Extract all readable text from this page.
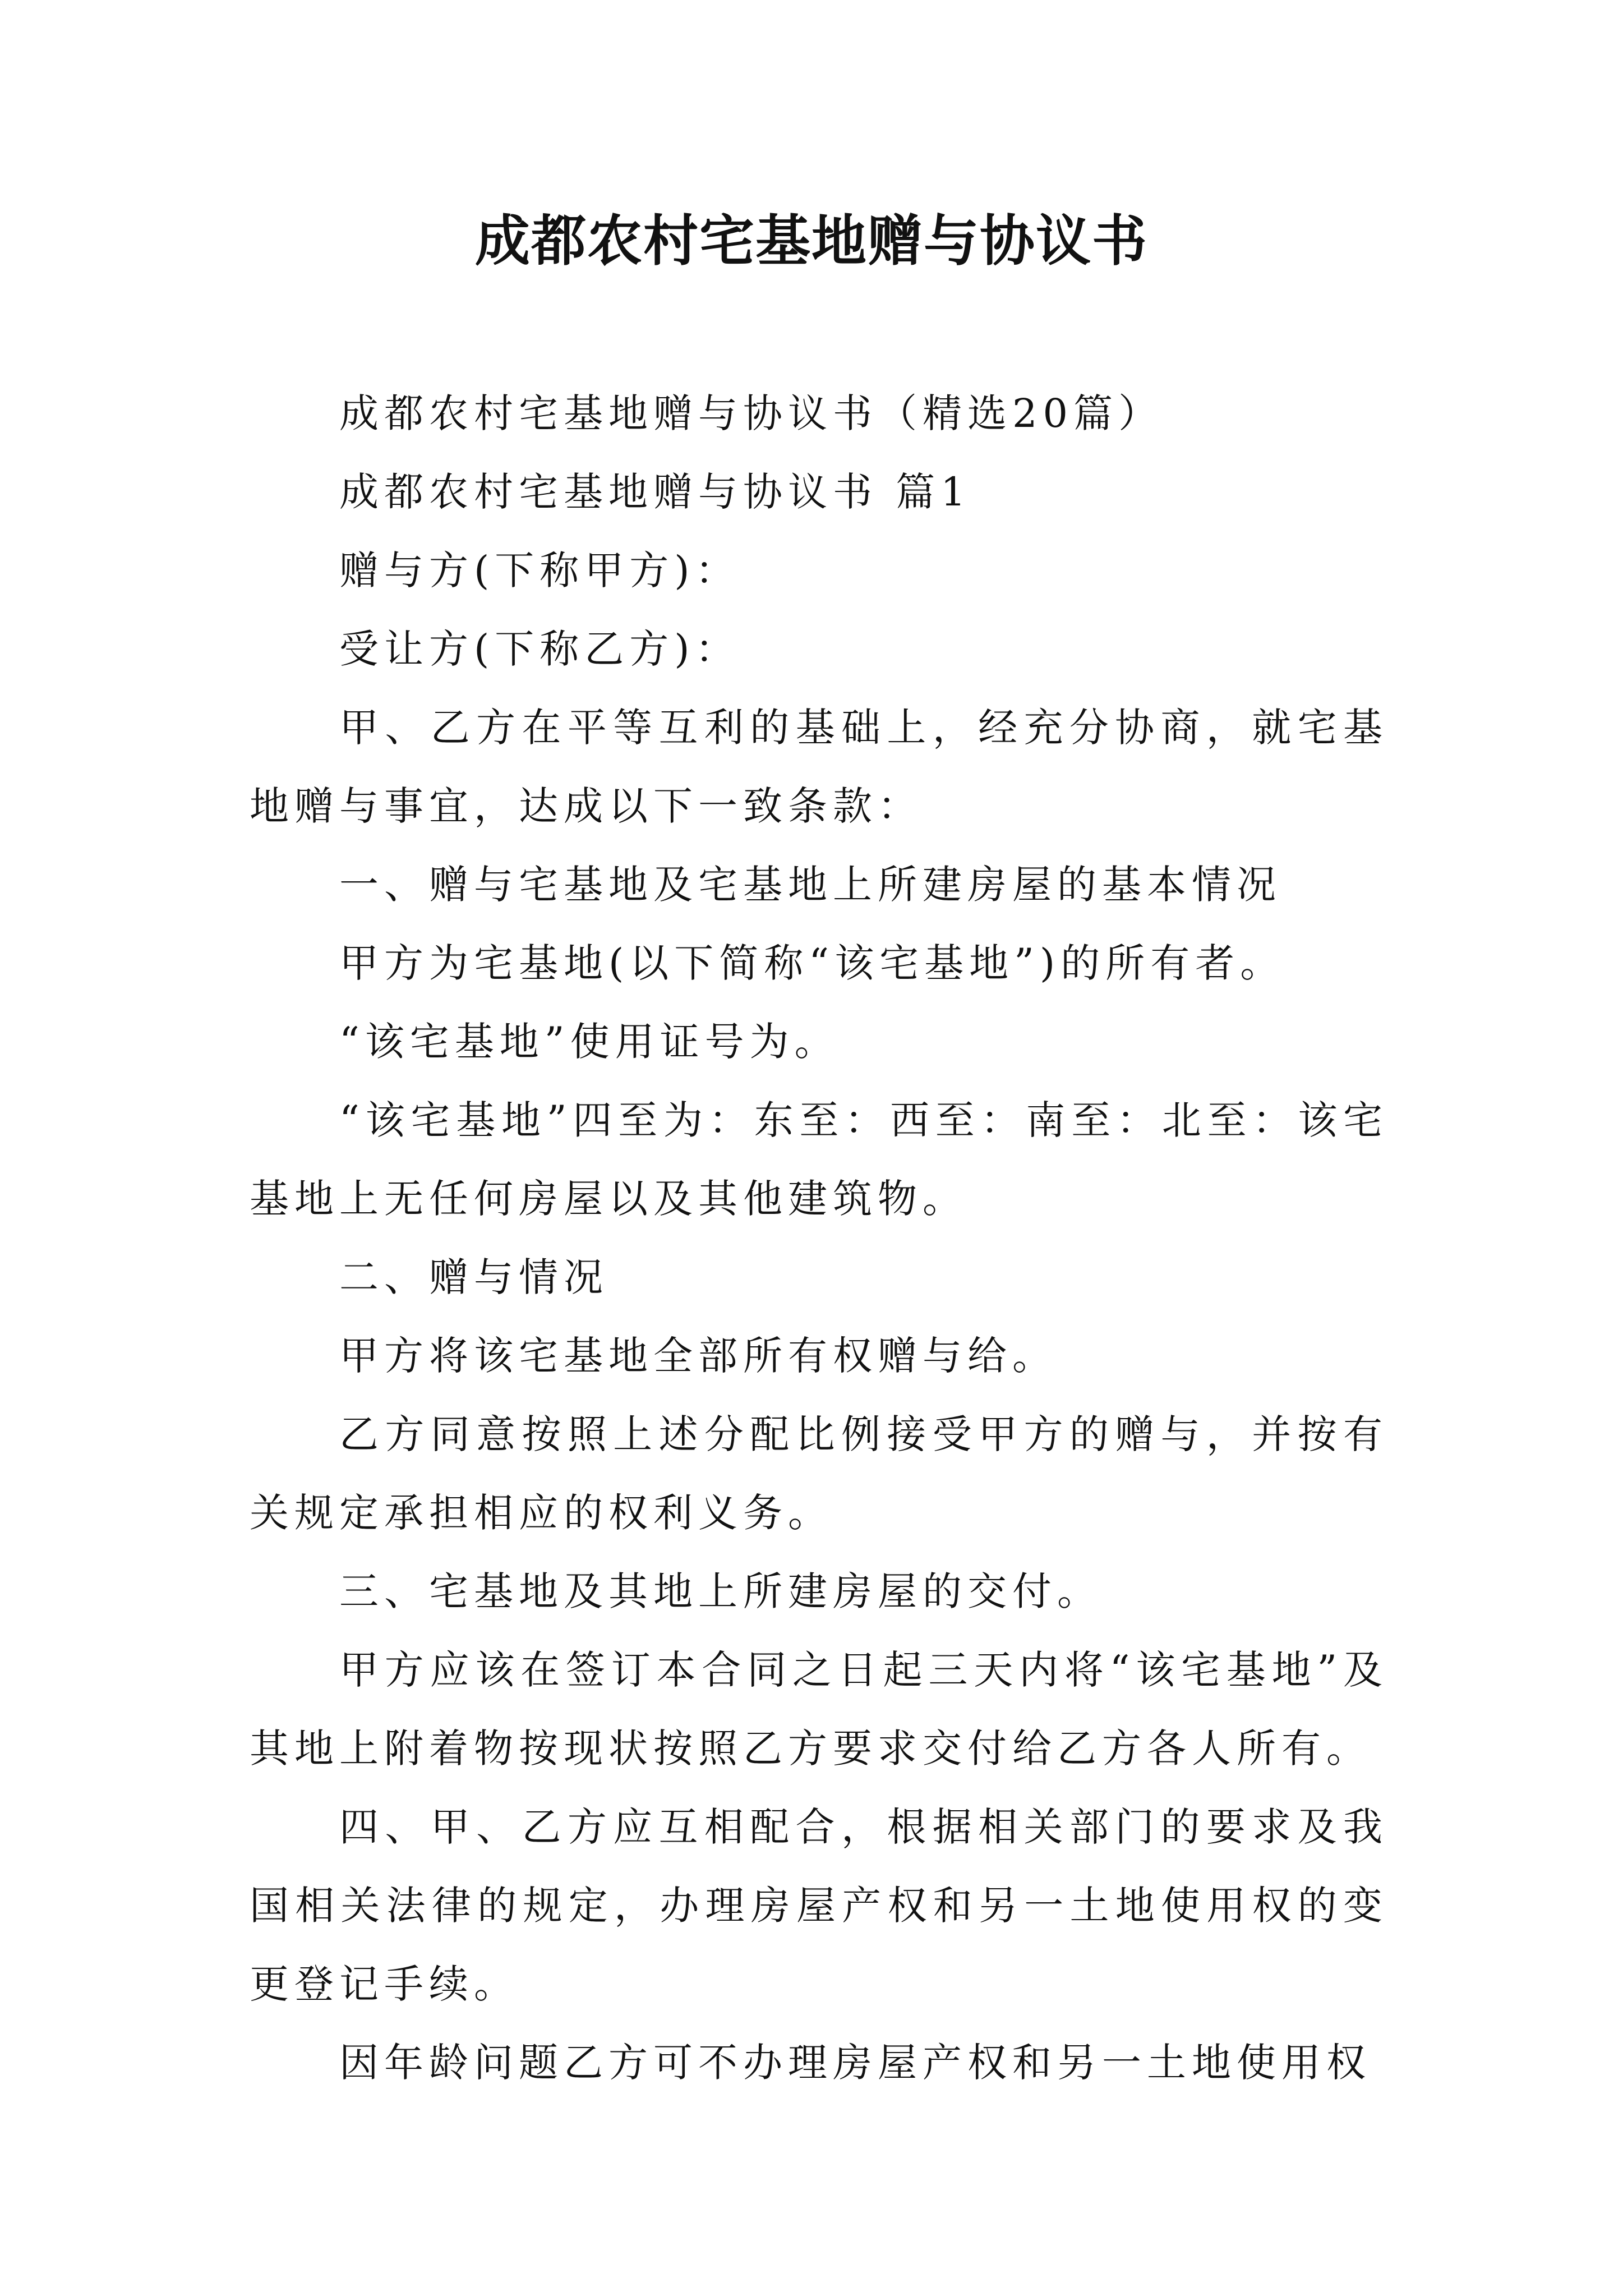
成都农村宅基地赠与协议书

成都农村宅基地赠与协议书（精选20篇）

成都农村宅基地赠与协议书 篇1

赠与方(下称甲方)：

受让方(下称乙方)：

甲、乙方在平等互利的基础上，经充分协商，就宅基地赠与事宜，达成以下一致条款：

一、赠与宅基地及宅基地上所建房屋的基本情况

甲方为宅基地(以下简称“该宅基地”)的所有者。

“该宅基地”使用证号为。

“该宅基地”四至为：东至：西至：南至：北至：该宅基地上无任何房屋以及其他建筑物。

二、赠与情况

甲方将该宅基地全部所有权赠与给。

乙方同意按照上述分配比例接受甲方的赠与，并按有关规定承担相应的权利义务。

三、宅基地及其地上所建房屋的交付。

甲方应该在签订本合同之日起三天内将“该宅基地”及其地上附着物按现状按照乙方要求交付给乙方各人所有。

四、甲、乙方应互相配合，根据相关部门的要求及我国相关法律的规定，办理房屋产权和另一土地使用权的变更登记手续。

因年龄问题乙方可不办理房屋产权和另一土地使用权
